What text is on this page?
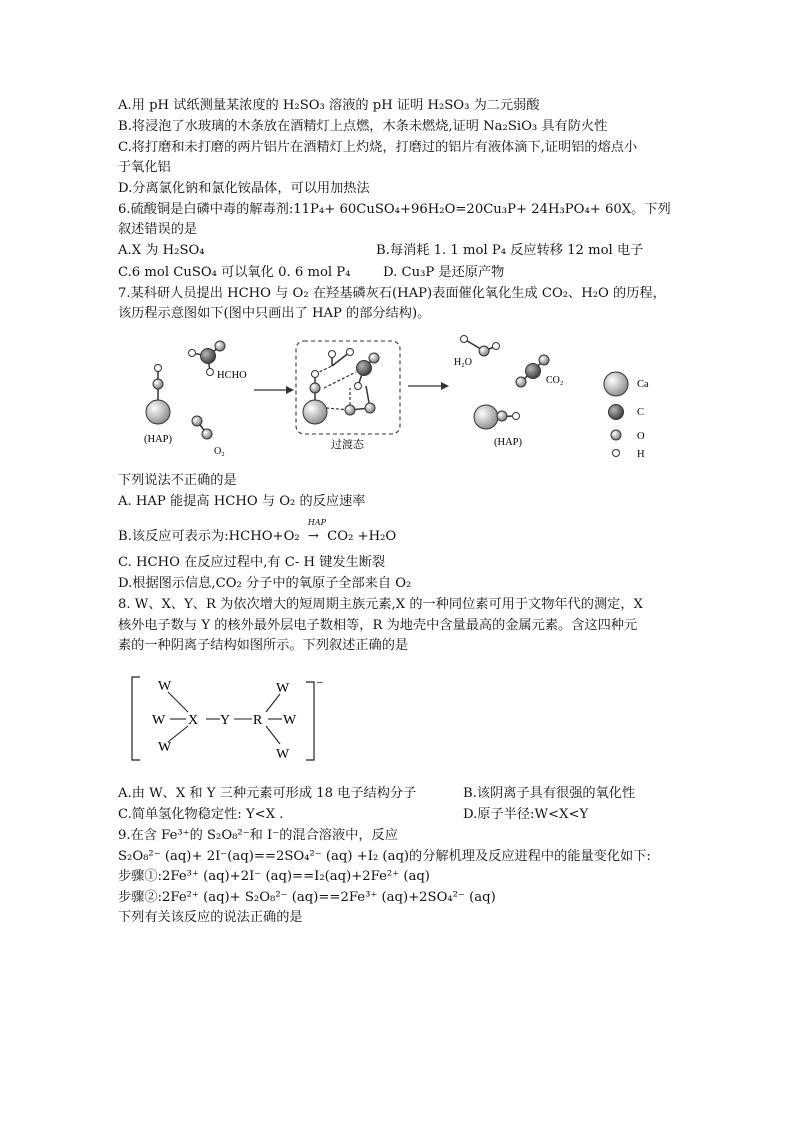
A.用 pH 试纸测量某浓度的 H₂SO₃ 溶液的 pH 证明 H₂SO₃ 为二元弱酸
B.将浸泡了水玻璃的木条放在酒精灯上点燃，木条未燃烧,证明 Na₂SiO₃ 具有防火性
C.将打磨和未打磨的两片铝片在酒精灯上灼烧，打磨过的铝片有液体滴下,证明铝的熔点小
于氧化铝
D.分离氯化钠和氯化铵晶体，可以用加热法
6.硫酸铜是白磷中毒的解毒剂:11P₄+ 60CuSO₄+96H₂O=20Cu₃P+ 24H₃PO₄+ 60X。下列
叙述错误的是
A.X 为 H₂SO₄	B.每消耗 1. 1 mol P₄ 反应转移 12 mol 电子
C.6 mol CuSO₄ 可以氧化 0. 6 mol P₄ D. Cu₃P 是还原产物
7.某科研人员提出 HCHO 与 O₂ 在羟基磷灰石(HAP)表面催化氧化生成 CO₂、H₂O 的历程，
该历程示意图如下(图中只画出了 HAP 的部分结构)。
下列说法不正确的是
A. HAP 能提高 HCHO 与 O₂ 的反应速率
B.该反应可表示为:HCHO+O₂
HAP
→ CO₂ +H₂O
C. HCHO 在反应过程中,有 C- H 键发生断裂
D.根据图示信息,CO₂ 分子中的氧原子全部来自 O₂
8. W、X、Y、R 为依次增大的短周期主族元素,X 的一种同位素可用于文物年代的测定，X
核外电子数与 Y 的核外最外层电子数相等，R 为地壳中含量最高的金属元素。含这四种元
素的一种阴离子结构如图所示。下列叙述正确的是
A.由 W、X 和 Y 三种元素可形成 18 电子结构分子	B.该阴离子具有很强的氧化性
C.简单氢化物稳定性: Y<X .	D.原子半径:W<X<Y
9.在含 Fe³⁺的 S₂O₈²⁻和 I⁻的混合溶液中，反应
S₂O₈²⁻ (aq)+ 2I⁻(aq)==2SO₄²⁻ (aq) +I₂ (aq)的分解机理及反应进程中的能量变化如下:
步骤①:2Fe³⁺ (aq)+2I⁻ (aq)==I₂(aq)+2Fe²⁺ (aq)
步骤②:2Fe²⁺ (aq)+ S₂O₈²⁻ (aq)==2Fe³⁺ (aq)+2SO₄²⁻ (aq)
下列有关该反应的说法正确的是
(HAP)
HCHO
O₂
过渡态
H₂O
CO₂
(HAP)
Ca
C
O
H
–
W
W
W
X Y R
W
W
W
